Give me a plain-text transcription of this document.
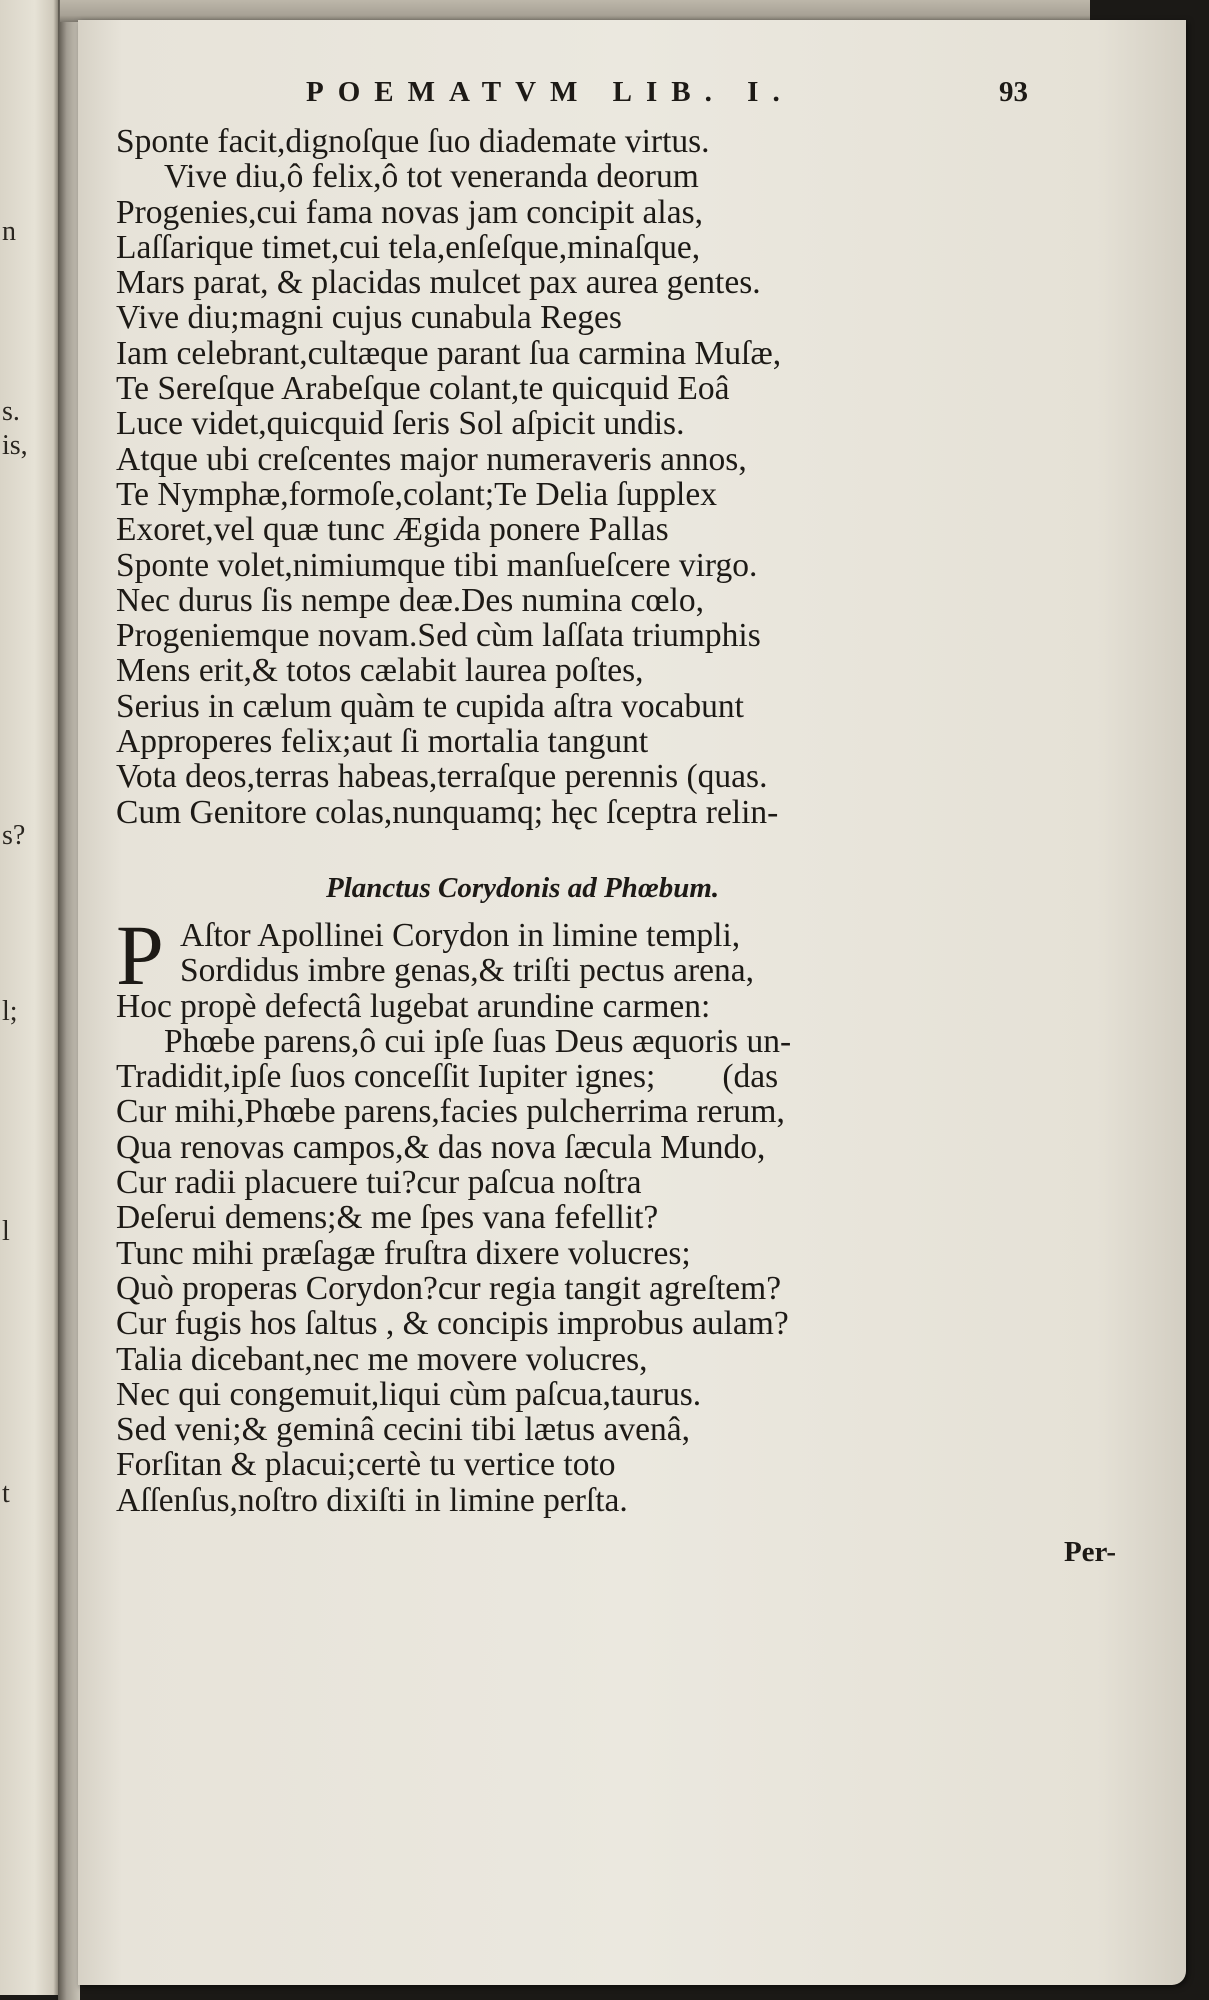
n
s.
is,
s?
l;
l
t
POEMATVM LIB. I.	93
Sponte facit,dignoſque ſuo diademate virtus.
Vive diu,ô felix,ô tot veneranda deorum
Progenies,cui fama novas jam concipit alas,
Laſſarique timet,cui tela,enſeſque,minaſque,
Mars parat, & placidas mulcet pax aurea gentes.
Vive diu;magni cujus cunabula Reges
Iam celebrant,cultæque parant ſua carmina Muſæ,
Te Sereſque Arabeſque colant,te quicquid Eoâ
Luce videt,quicquid ſeris Sol aſpicit undis.
Atque ubi creſcentes major numeraveris annos,
Te Nymphæ,formoſe,colant;Te Delia ſupplex
Exoret,vel quæ tunc Ægida ponere Pallas
Sponte volet,nimiumque tibi manſueſcere virgo.
Nec durus ſis nempe deæ.Des numina cœlo,
Progeniemque novam.Sed cùm laſſata triumphis
Mens erit,& totos cælabit laurea poſtes,
Serius in cælum quàm te cupida aſtra vocabunt
Approperes felix;aut ſi mortalia tangunt
Vota deos,terras habeas,terraſque perennis (quas.
Cum Genitore colas,nunquamq; hęc ſceptra relin-
Planctus Corydonis ad Phœbum.
P Aſtor Apollinei Corydon in limine templi,
Sordidus imbre genas,& triſti pectus arena,
Hoc propè defectâ lugebat arundine carmen:
Phœbe parens,ô cui ipſe ſuas Deus æquoris un-
Tradidit,ipſe ſuos conceſſit Iupiter ignes;        (das
Cur mihi,Phœbe parens,facies pulcherrima rerum,
Qua renovas campos,& das nova ſæcula Mundo,
Cur radii placuere tui?cur paſcua noſtra
Deſerui demens;& me ſpes vana fefellit?
Tunc mihi præſagæ fruſtra dixere volucres;
Quò properas Corydon?cur regia tangit agreſtem?
Cur fugis hos ſaltus , & concipis improbus aulam?
Talia dicebant,nec me movere volucres,
Nec qui congemuit,liqui cùm paſcua,taurus.
Sed veni;& geminâ cecini tibi lætus avenâ,
Forſitan & placui;certè tu vertice toto
Aſſenſus,noſtro dixiſti in limine perſta.
Per-
